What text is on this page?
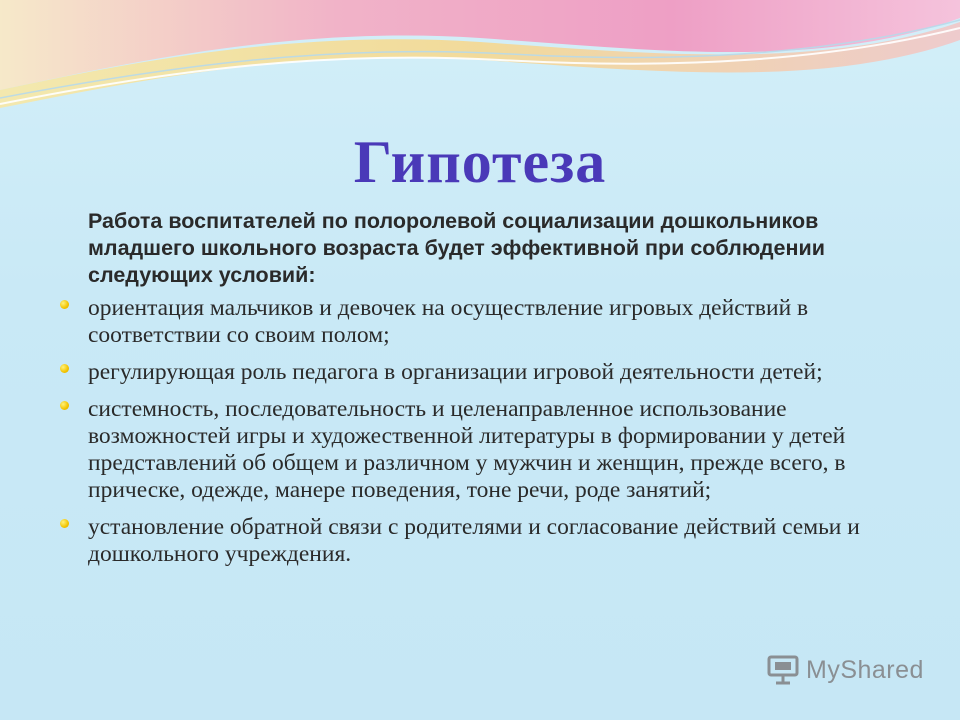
Гипотеза
Работа воспитателей по полоролевой социализации дошкольников младшего школьного возраста будет эффективной при соблюдении следующих условий:
ориентация мальчиков и девочек на осуществление игровых действий в соответствии со своим полом;
регулирующая роль педагога в организации игровой деятельности детей;
системность, последовательность и целенаправленное использование возможностей игры и художественной литературы в формировании у детей представлений об общем и различном у мужчин и женщин, прежде всего, в прическе, одежде, манере поведения, тоне речи, роде занятий;
установление обратной связи с родителями и согласование действий семьи и дошкольного учреждения.
MyShared
